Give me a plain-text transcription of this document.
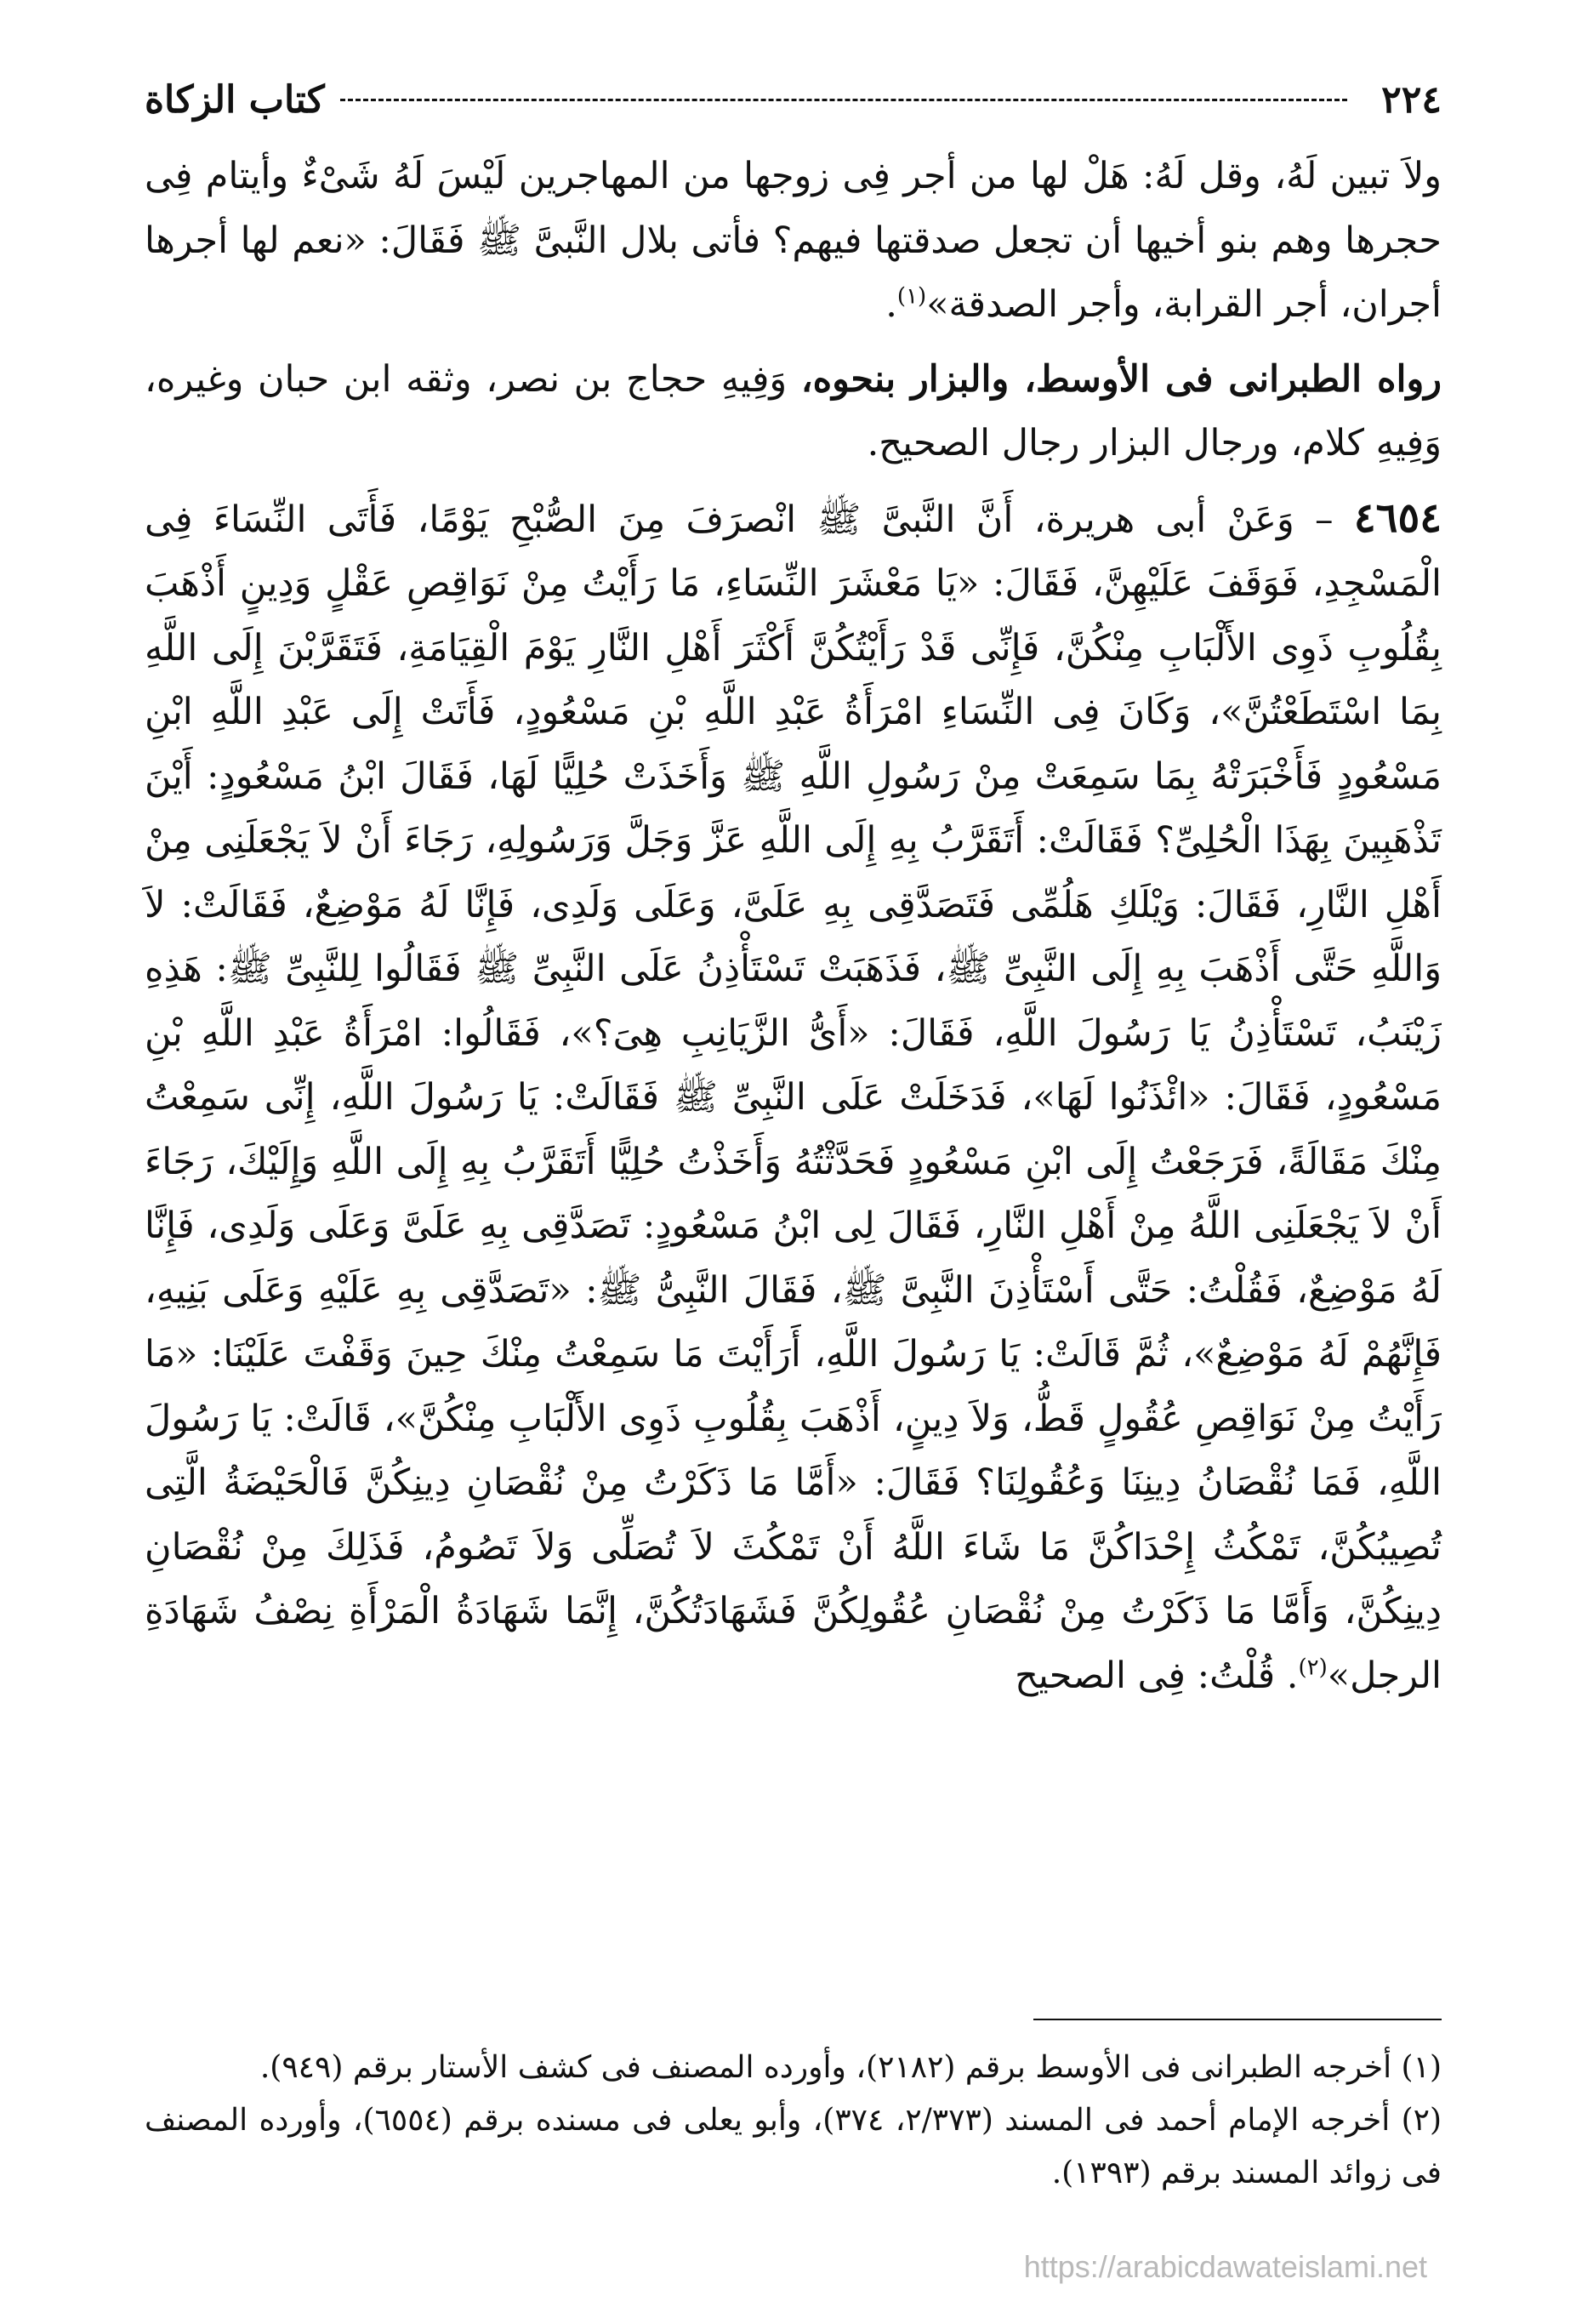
٢٢٤
كتاب الزكاة

ولاَ تبين لَهُ، وقل لَهُ: هَلْ لها من أجر فِى زوجها من المهاجرين لَيْسَ لَهُ شَىْءٌ وأيتام فِى حجرها وهم بنو أخيها أن تجعل صدقتها فيهم؟ فأتى بلال النَّبىَّ ﷺ فَقَالَ: «نعم لها أجرها أجران، أجر القرابة، وأجر الصدقة»$^{(١)}$.

رواه الطبرانى فى الأوسط، والبزار بنحوه، وَفِيهِ حجاج بن نصر، وثقه ابن حبان وغيره، وَفِيهِ كلام، ورجال البزار رجال الصحيح.

٤٦٥٤ – وَعَنْ أبى هريرة، أَنَّ النَّبىَّ ﷺ انْصرَفَ مِنَ الصُّبْحِ يَوْمًا، فَأَتَى النِّسَاءَ فِى الْمَسْجِدِ، فَوَقَفَ عَلَيْهِنَّ، فَقَالَ: «يَا مَعْشَرَ النِّسَاءِ، مَا رَأَيْتُ مِنْ نَوَاقِصِ عَقْلٍ وَدِينٍ أَذْهَبَ بِقُلُوبِ ذَوِى الأَلْبَابِ مِنْكُنَّ، فَإِنِّى قَدْ رَأَيْتُكُنَّ أَكْثَرَ أَهْلِ النَّارِ يَوْمَ الْقِيَامَةِ، فَتَقَرَّبْنَ إِلَى اللَّهِ بِمَا اسْتَطَعْتُنَّ»، وَكَانَ فِى النِّسَاءِ امْرَأَةُ عَبْدِ اللَّهِ بْنِ مَسْعُودٍ، فَأَتَتْ إِلَى عَبْدِ اللَّهِ ابْنِ مَسْعُودٍ فَأَخْبَرَتْهُ بِمَا سَمِعَتْ مِنْ رَسُولِ اللَّهِ ﷺ وَأَخَذَتْ حُلِيًّا لَهَا، فَقَالَ ابْنُ مَسْعُودٍ: أَيْنَ تَذْهَبِينَ بِهَذَا الْحُلِىِّ؟ فَقَالَتْ: أَتَقَرَّبُ بِهِ إِلَى اللَّهِ عَزَّ وَجَلَّ وَرَسُولِهِ، رَجَاءَ أَنْ لاَ يَجْعَلَنِى مِنْ أَهْلِ النَّارِ، فَقَالَ: وَيْلَكِ هَلُمِّى فَتَصَدَّقِى بِهِ عَلَىَّ، وَعَلَى وَلَدِى، فَإِنَّا لَهُ مَوْضِعٌ، فَقَالَتْ: لاَ وَاللَّهِ حَتَّى أَذْهَبَ بِهِ إِلَى النَّبِىِّ ﷺ، فَذَهَبَتْ تَسْتَأْذِنُ عَلَى النَّبِىِّ ﷺ فَقَالُوا لِلنَّبِىِّ ﷺ: هَذِهِ زَيْنَبُ، تَسْتَأْذِنُ يَا رَسُولَ اللَّهِ، فَقَالَ: «أَىُّ الزَّيَانِبِ هِىَ؟»، فَقَالُوا: امْرَأَةُ عَبْدِ اللَّهِ بْنِ مَسْعُودٍ، فَقَالَ: «ائْذَنُوا لَهَا»، فَدَخَلَتْ عَلَى النَّبِىِّ ﷺ فَقَالَتْ: يَا رَسُولَ اللَّهِ، إِنِّى سَمِعْتُ مِنْكَ مَقَالَةً، فَرَجَعْتُ إِلَى ابْنِ مَسْعُودٍ فَحَدَّثْتُهُ وَأَخَذْتُ حُلِيًّا أَتَقَرَّبُ بِهِ إِلَى اللَّهِ وَإِلَيْكَ، رَجَاءَ أَنْ لاَ يَجْعَلَنِى اللَّهُ مِنْ أَهْلِ النَّارِ، فَقَالَ لِى ابْنُ مَسْعُودٍ: تَصَدَّقِى بِهِ عَلَىَّ وَعَلَى وَلَدِى، فَإِنَّا لَهُ مَوْضِعٌ، فَقُلْتُ: حَتَّى أَسْتَأْذِنَ النَّبِىَّ ﷺ، فَقَالَ النَّبِىُّ ﷺ: «تَصَدَّقِى بِهِ عَلَيْهِ وَعَلَى بَنِيهِ، فَإِنَّهُمْ لَهُ مَوْضِعٌ»، ثُمَّ قَالَتْ: يَا رَسُولَ اللَّهِ، أَرَأَيْتَ مَا سَمِعْتُ مِنْكَ حِينَ وَقَفْتَ عَلَيْنَا: «مَا رَأَيْتُ مِنْ نَوَاقِصِ عُقُولٍ قَطُّ، وَلاَ دِينٍ، أَذْهَبَ بِقُلُوبِ ذَوِى الأَلْبَابِ مِنْكُنَّ»، قَالَتْ: يَا رَسُولَ اللَّهِ، فَمَا نُقْصَانُ دِينِنَا وَعُقُولِنَا؟ فَقَالَ: «أَمَّا مَا ذَكَرْتُ مِنْ نُقْصَانِ دِينِكُنَّ فَالْحَيْضَةُ الَّتِى تُصِيبُكُنَّ، تَمْكُثُ إِحْدَاكُنَّ مَا شَاءَ اللَّهُ أَنْ تَمْكُثَ لاَ تُصَلِّى وَلاَ تَصُومُ، فَذَلِكَ مِنْ نُقْصَانِ دِينِكُنَّ، وَأَمَّا مَا ذَكَرْتُ مِنْ نُقْصَانِ عُقُولِكُنَّ فَشَهَادَتُكُنَّ، إِنَّمَا شَهَادَةُ الْمَرْأَةِ نِصْفُ شَهَادَةِ الرجل»$^{(٢)}$. قُلْتُ: فِى الصحيح

(١) أخرجه الطبرانى فى الأوسط برقم (٢١٨٢)، وأورده المصنف فى كشف الأستار برقم (٩٤٩).

(٢) أخرجه الإمام أحمد فى المسند (٢/٣٧٣، ٣٧٤)، وأبو يعلى فى مسنده برقم (٦٥٥٤)، وأورده المصنف فى زوائد المسند برقم (١٣٩٣).

https://arabicdawateislami.net
